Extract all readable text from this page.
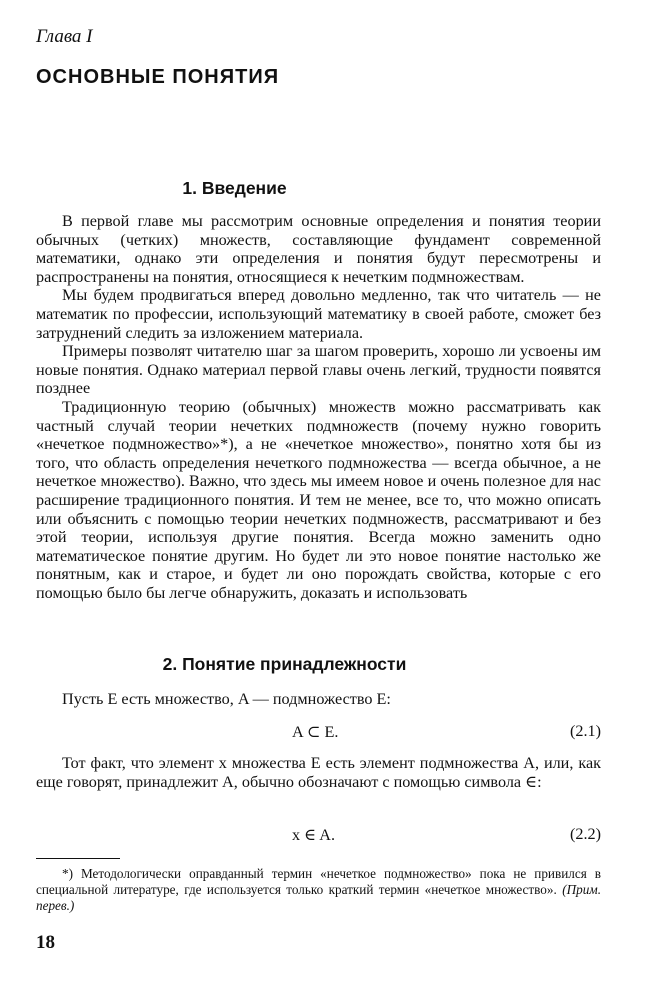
Глава I
ОСНОВНЫЕ ПОНЯТИЯ
1. Введение

В первой главе мы рассмотрим основные определения и понятия теории обычных (четких) множеств, составляющие фундамент современной математики, однако эти определения и понятия будут пересмотрены и распространены на понятия, относящиеся к нечетким подмножествам.

Мы будем продвигаться вперед довольно медленно, так что читатель — не математик по профессии, использующий математику в своей работе, сможет без затруднений следить за изложением материала.

Примеры позволят читателю шаг за шагом проверить, хорошо ли усвоены им новые понятия. Однако материал первой главы очень легкий, трудности появятся позднее

Традиционную теорию (обычных) множеств можно рассматривать как частный случай теории нечетких подмножеств (почему нужно говорить «нечеткое подмножество»*), а не «нечеткое множество», понятно хотя бы из того, что область определения нечеткого подмножества — всегда обычное, а не нечеткое множество). Важно, что здесь мы имеем новое и очень полезное для нас расширение традиционного понятия. И тем не менее, все то, что можно описать или объяснить с помощью теории нечетких подмножеств, рассматривают и без этой теории, используя другие понятия. Всегда можно заменить одно математическое понятие другим. Но будет ли это новое понятие настолько же понятным, как и старое, и будет ли оно порождать свойства, которые с его помощью было бы легче обнаружить, доказать и использовать

2. Понятие принадлежности
Пусть E есть множество, A — подмножество E:
A ⊂ E.	(2.1)

Тот факт, что элемент x множества E есть элемент подмножества A, или, как еще говорят, принадлежит A, обычно обозначают с помощью символа ∈:

x ∈ A.	(2.2)
*) Методологически оправданный термин «нечеткое подмножество» пока не привился в специальной литературе, где используется только краткий термин «нечеткое множество». (Прим. перев.)
18
